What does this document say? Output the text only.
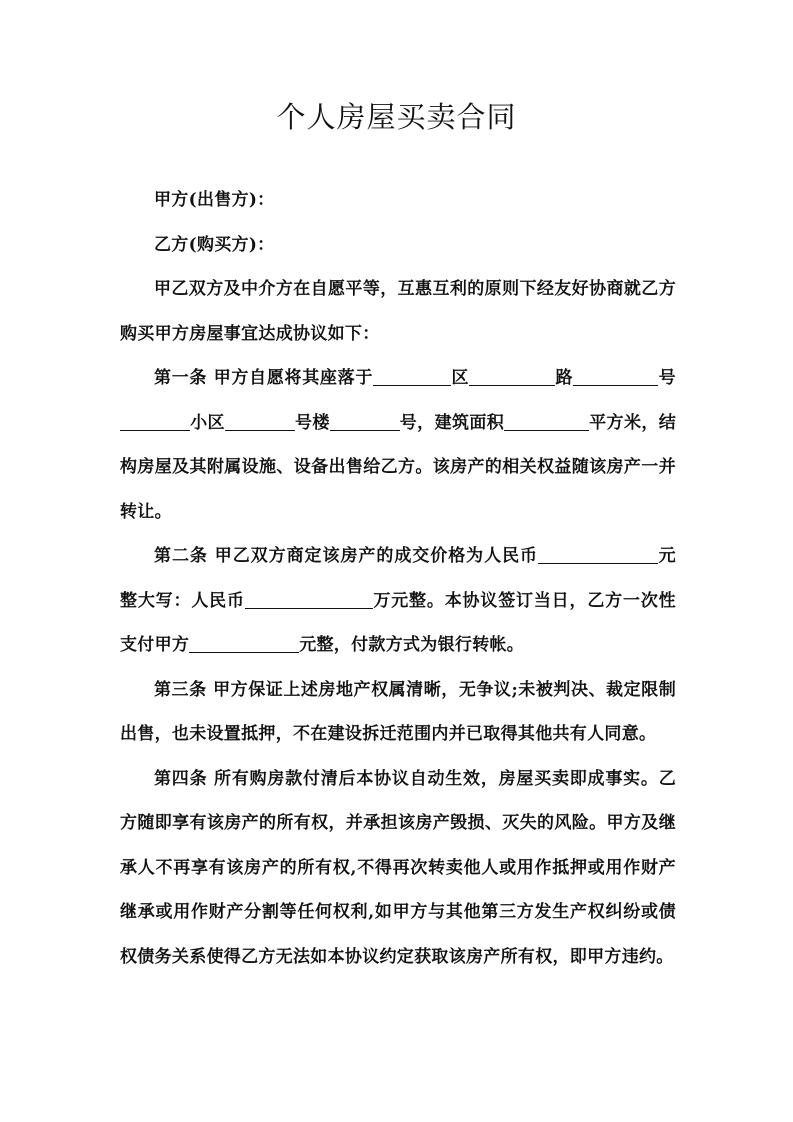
个人房屋买卖合同

甲方(出售方)：

乙方(购买方)：

甲乙双方及中介方在自愿平等，互惠互利的原则下经友好协商就乙方购买甲方房屋事宜达成协议如下：

第一条 甲方自愿将其座落于	区	路	号小区	号楼	号，建筑面积	平方米，结构房屋及其附属设施、设备出售给乙方。该房产的相关权益随该房产一并转让。

第二条 甲乙双方商定该房产的成交价格为人民币	元整大写：人民币	万元整。本协议签订当日，乙方一次性支付甲方	元整，付款方式为银行转帐。

第三条 甲方保证上述房地产权属清晰，无争议;未被判决、裁定限制出售，也未设置抵押，不在建设拆迁范围内并已取得其他共有人同意。

第四条 所有购房款付清后本协议自动生效，房屋买卖即成事实。乙方随即享有该房产的所有权，并承担该房产毁损、灭失的风险。甲方及继承人不再享有该房产的所有权,不得再次转卖他人或用作抵押或用作财产继承或用作财产分割等任何权利,如甲方与其他第三方发生产权纠纷或债权债务关系使得乙方无法如本协议约定获取该房产所有权，即甲方违约。
